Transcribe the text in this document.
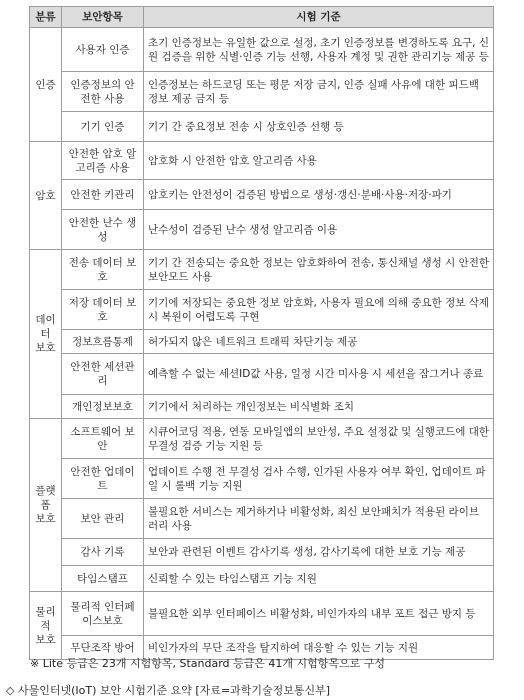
분류	보안항목	시험 기준
인증	사용자 인증	초기 인증정보는 유일한 값으로 설정, 초기 인증정보를 변경하도록 요구, 신원 검증을 위한 식별·인증 기능 선행, 사용자 계정 및 권한 관리기능 제공 등
	인증정보의 안전한 사용	인증정보는 하드코딩 또는 평문 저장 금지, 인증 실패 사유에 대한 피드백 정보 제공 금지 등
	기기 인증	기기 간 중요정보 전송 시 상호인증 선행 등
암호	안전한 암호 알고리즘 사용	암호화 시 안전한 암호 알고리즘 사용
	안전한 키관리	암호키는 안전성이 검증된 방법으로 생성·갱신·분배·사용·저장·파기
	안전한 난수 생성	난수성이 검증된 난수 생성 알고리즘 이용
데이터 보호	전송 데이터 보호	기기 간 전송되는 중요한 정보는 암호화하여 전송, 통신채널 생성 시 안전한 보안모드 사용
	저장 데이터 보호	기기에 저장되는 중요한 정보 암호화, 사용자 필요에 의해 중요한 정보 삭제 시 복원이 어렵도록 구현
	정보흐름통제	허가되지 않은 네트워크 트래픽 차단기능 제공
	안전한 세션관리	예측할 수 없는 세션ID값 사용, 일정 시간 미사용 시 세션을 잠그거나 종료
	개인정보보호	기기에서 처리하는 개인정보는 비식별화 조치
플랫폼 보호	소프트웨어 보안	시큐어코딩 적용, 연동 모바일앱의 보안성, 주요 설정값 및 실행코드에 대한 무결성 검증 기능 지원 등
	안전한 업데이트	업데이트 수행 전 무결성 검사 수행, 인가된 사용자 여부 확인, 업데이트 파일 시 롤백 기능 지원
	보안 관리	불필요한 서비스는 제거하거나 비활성화, 최신 보안패치가 적용된 라이브러리 사용
	감사 기록	보안과 관련된 이벤트 감사기록 생성, 감사기록에 대한 보호 기능 제공
	타임스탬프	신뢰할 수 있는 타임스탬프 기능 지원
물리적 보호	물리적 인터페이스보호	불필요한 외부 인터페이스 비활성화, 비인가자의 내부 포트 접근 방지 등
	무단조작 방어	비인가자의 무단 조작을 탐지하여 대응할 수 있는 기능 지원
※ Lite 등급은 23개 시험항목, Standard 등급은 41개 시험항목으로 구성
◇ 사물인터넷(IoT) 보안 시험기준 요약 [자료=과학기술정보통신부]
